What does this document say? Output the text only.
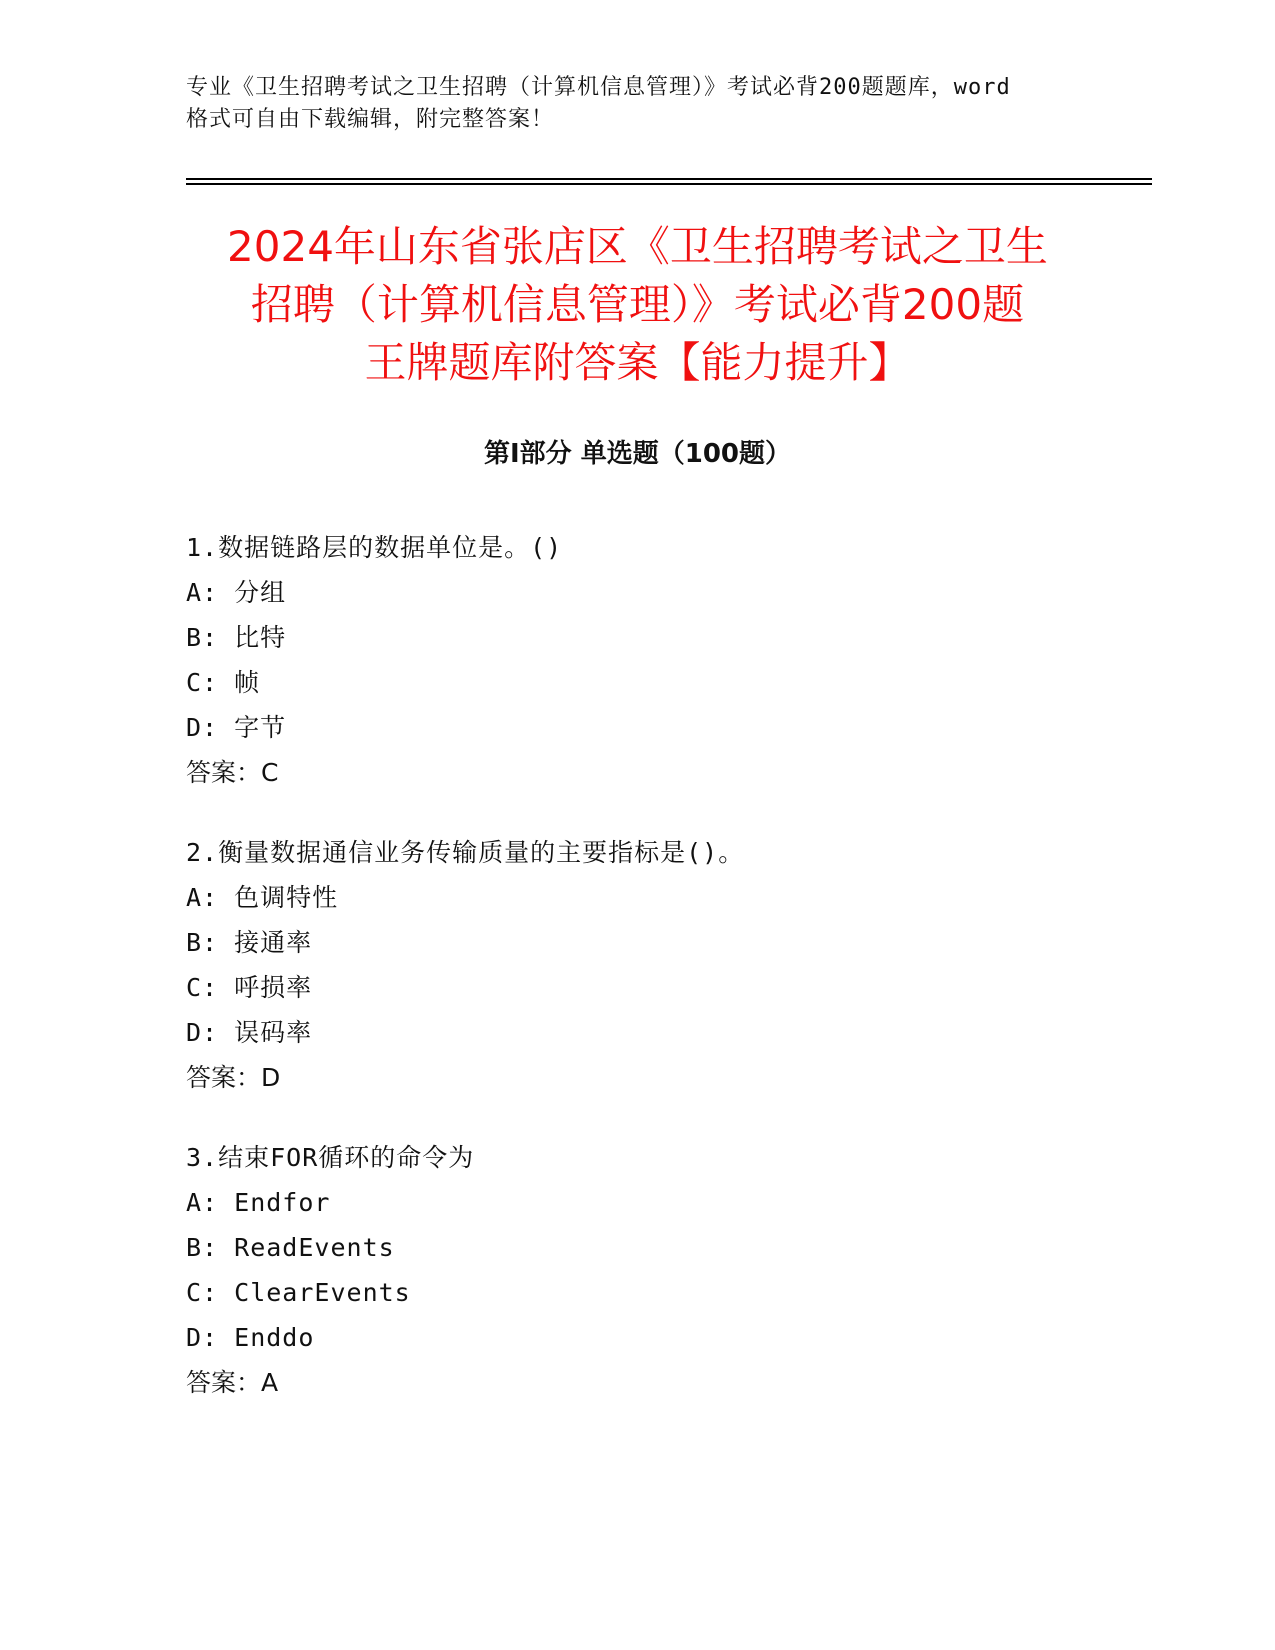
专业《卫生招聘考试之卫生招聘（计算机信息管理）》考试必背200题题库，word
格式可自由下载编辑，附完整答案！
2024年山东省张店区《卫生招聘考试之卫生
招聘（计算机信息管理）》考试必背200题
王牌题库附答案【能力提升】
第Ⅰ部分 单选题（100题）
1.数据链路层的数据单位是。()
A: 分组
B: 比特
C: 帧
D: 字节
答案：C
2.衡量数据通信业务传输质量的主要指标是()。
A: 色调特性
B: 接通率
C: 呼损率
D: 误码率
答案：D
3.结束FOR循环的命令为
A: Endfor
B: ReadEvents
C: ClearEvents
D: Enddo
答案：A
